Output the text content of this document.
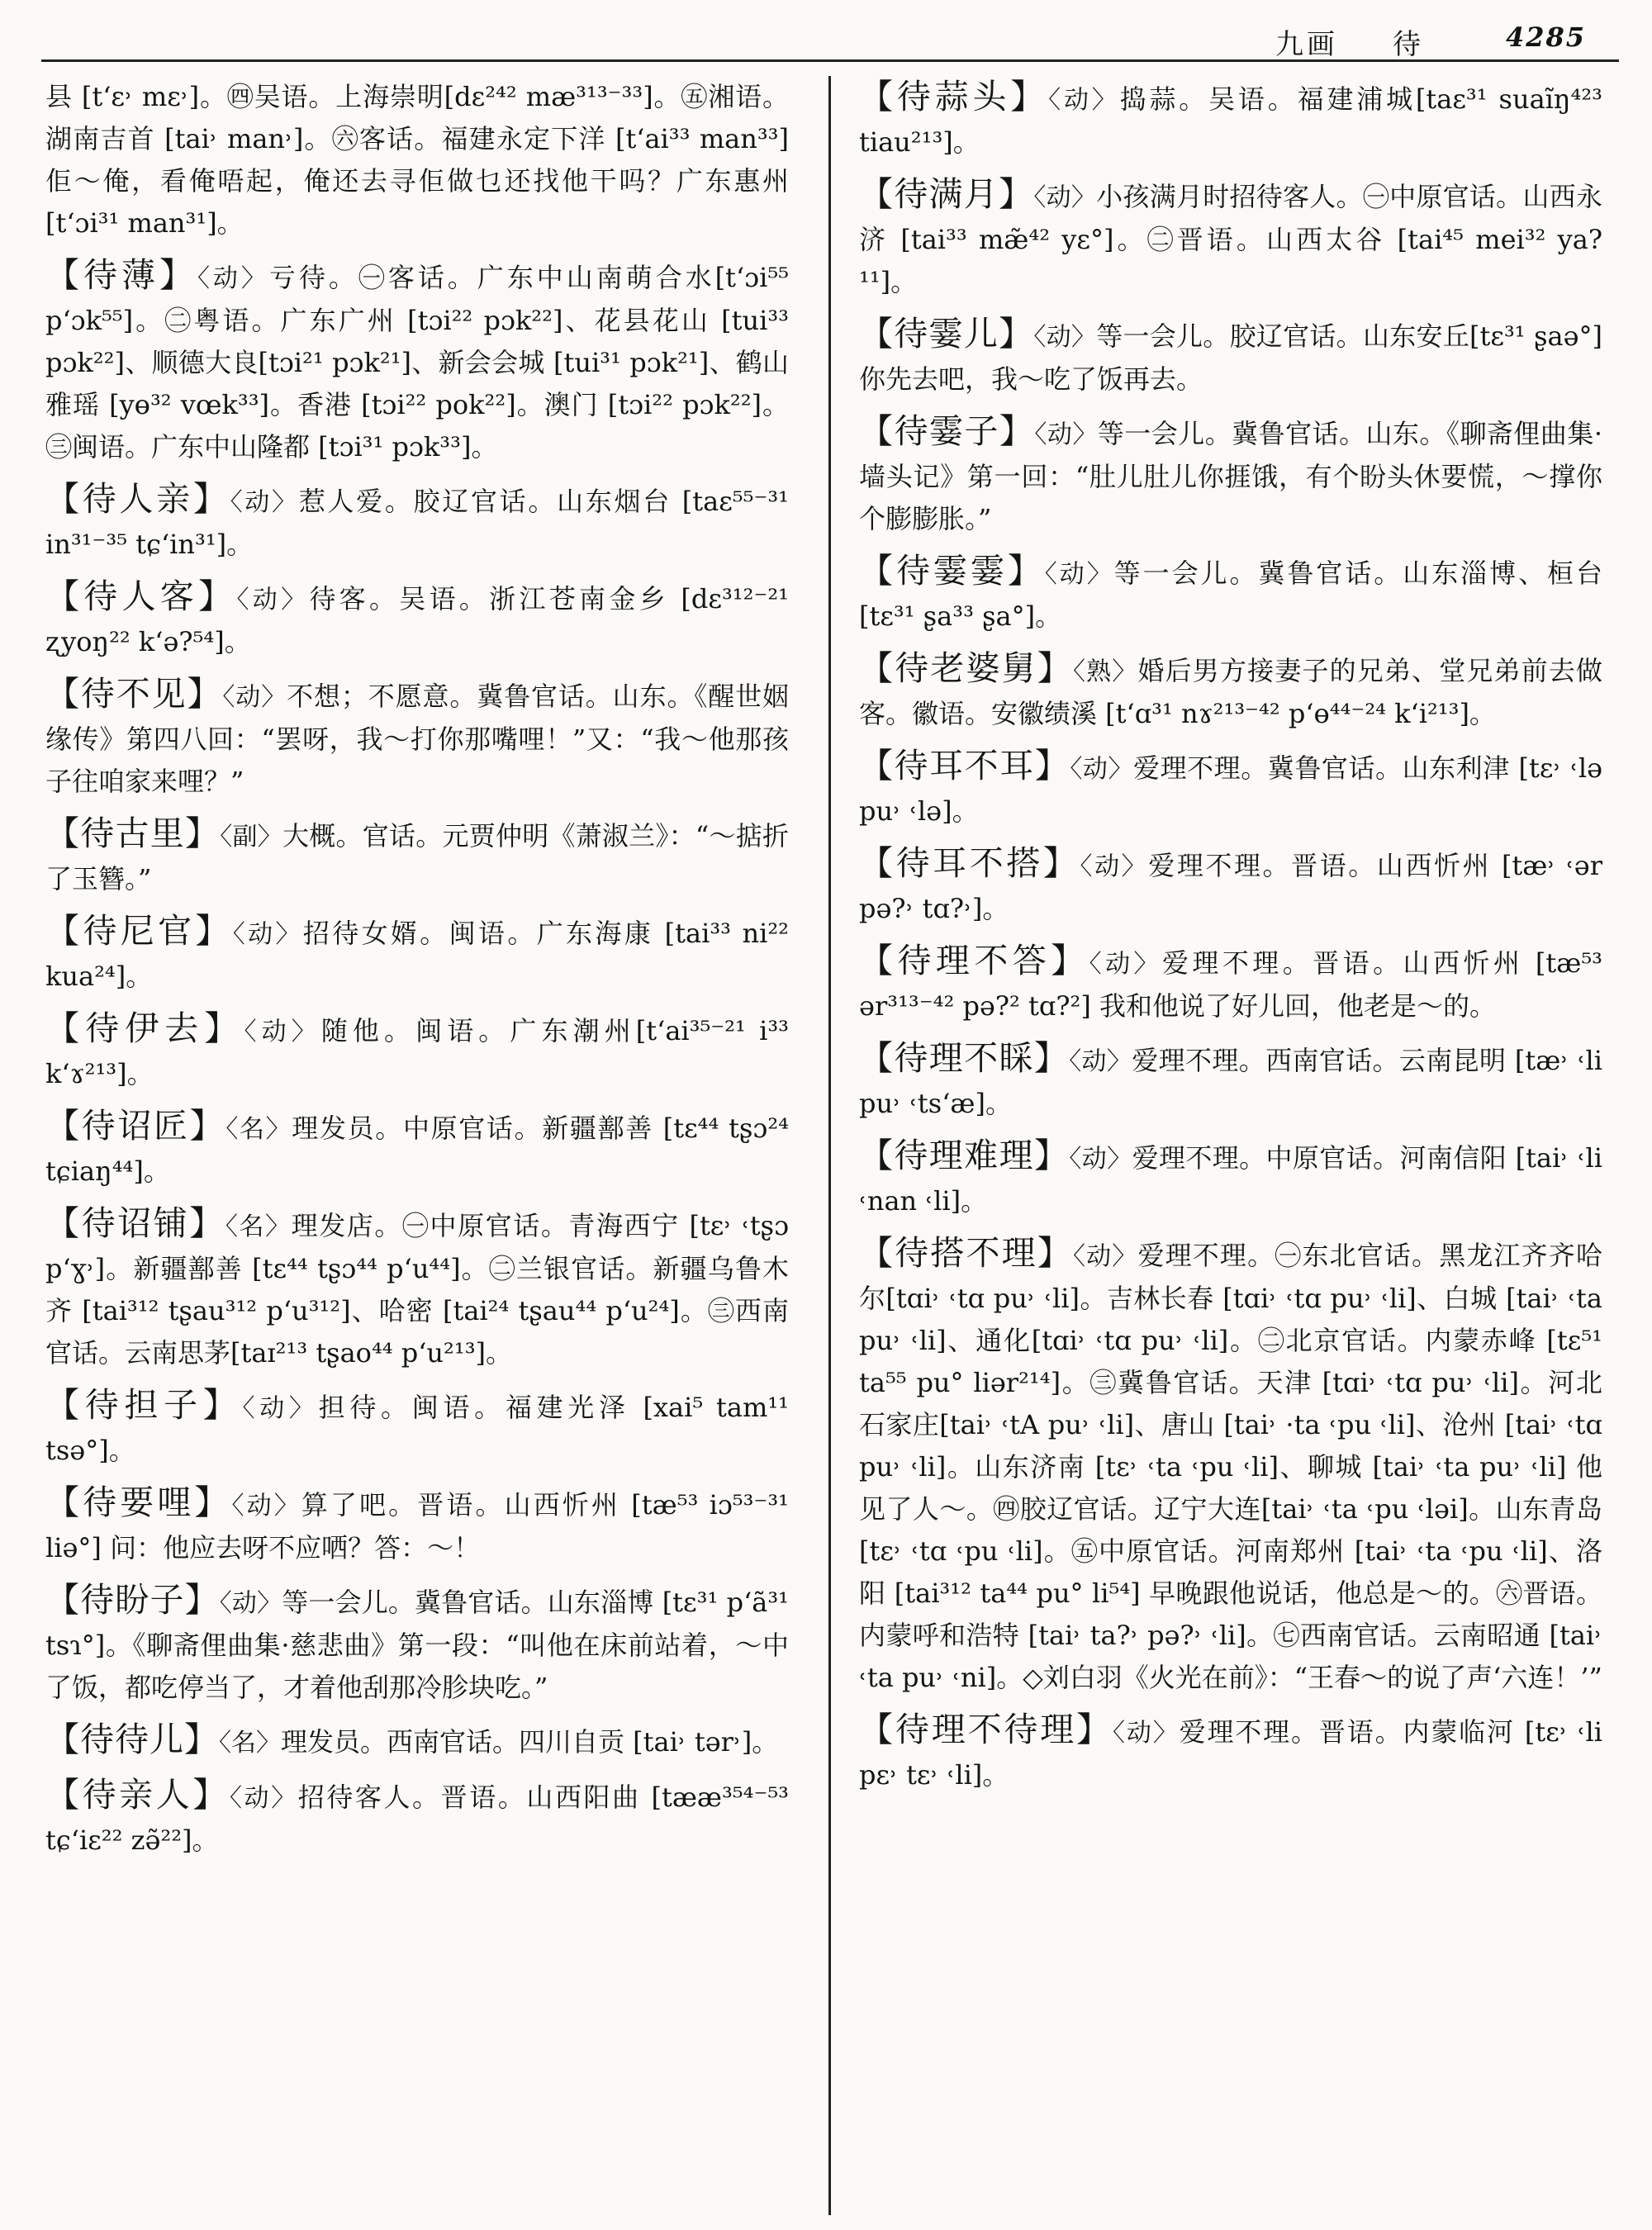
九画 待	4285

县 [t‘ε˒ mε˒]。㊃吴语。上海崇明[dε²⁴² mæ³¹³⁻³³]。㊄湘语。湖南吉首 [tai˒ man˒]。㊅客话。福建永定下洋 [t‘ai³³ man³³] 佢～俺，看俺唔起，俺还去寻佢做乜还找他干吗？广东惠州 [t‘ɔi³¹ man³¹]。

【待薄】〈动〉亏待。㊀客话。广东中山南萌合水[t‘ɔi⁵⁵ p‘ɔk⁵⁵]。㊁粤语。广东广州 [tɔi²² pɔk²²]、花县花山 [tui³³ pɔk²²]、顺德大良[tɔi²¹ pɔk²¹]、新会会城 [tui³¹ pɔk²¹]、鹤山雅瑶 [yɵ³² vœk³³]。香港 [tɔi²² pok²²]。澳门 [tɔi²² pɔk²²]。㊂闽语。广东中山隆都 [tɔi³¹ pɔk³³]。

【待人亲】〈动〉惹人爱。胶辽官话。山东烟台 [taε⁵⁵⁻³¹ in³¹⁻³⁵ tɕ‘in³¹]。

【待人客】〈动〉待客。吴语。浙江苍南金乡 [dε³¹²⁻²¹ ʐyoŋ²² k‘ə?⁵⁴]。

【待不见】〈动〉不想；不愿意。冀鲁官话。山东。《醒世姻缘传》第四八回：“罢呀，我～打你那嘴哩！”又：“我～他那孩子往咱家来哩？”

【待古里】〈副〉大概。官话。元贾仲明《萧淑兰》：“～掂折了玉簪。”

【待尼官】〈动〉招待女婿。闽语。广东海康 [tai³³ ni²² kua²⁴]。

【待伊去】〈动〉随他。闽语。广东潮州[t‘ai³⁵⁻²¹ i³³ k‘ɤ²¹³]。

【待诏匠】〈名〉理发员。中原官话。新疆鄯善 [tε⁴⁴ tʂɔ²⁴ tɕiaŋ⁴⁴]。

【待诏铺】〈名〉理发店。㊀中原官话。青海西宁 [tε˒ ˓tʂɔ p‘ɣ˒]。新疆鄯善 [tε⁴⁴ tʂɔ⁴⁴ p‘u⁴⁴]。㊁兰银官话。新疆乌鲁木齐 [tai³¹² tʂau³¹² p‘u³¹²]、哈密 [tai²⁴ tʂau⁴⁴ p‘u²⁴]。㊂西南官话。云南思茅[taɪ²¹³ tʂao⁴⁴ p‘u²¹³]。

【待担子】〈动〉担待。闽语。福建光泽 [xai⁵ tam¹¹ tsə°]。

【待要哩】〈动〉算了吧。晋语。山西忻州 [tæ⁵³ iɔ⁵³⁻³¹ liə°] 问：他应去呀不应哂？答：～！

【待盼子】〈动〉等一会儿。冀鲁官话。山东淄博 [tε³¹ p‘ã³¹ tsɿ°]。《聊斋俚曲集·慈悲曲》第一段：“叫他在床前站着，～中了饭，都吃停当了，才着他刮那冷胗块吃。”

【待待儿】〈名〉理发员。西南官话。四川自贡 [tai˒ tər˒]。

【待亲人】〈动〉招待客人。晋语。山西阳曲 [tææ³⁵⁴⁻⁵³ tɕ‘iε²² zə̃²²]。

【待蒜头】〈动〉捣蒜。吴语。福建浦城[taε³¹ suaĩŋ⁴²³ tiau²¹³]。

【待满月】〈动〉小孩满月时招待客人。㊀中原官话。山西永济 [tai³³ mæ̃⁴² yε°]。㊁晋语。山西太谷 [tai⁴⁵ mei³² ya?¹¹]。

【待霎儿】〈动〉等一会儿。胶辽官话。山东安丘[tε³¹ ʂaə°] 你先去吧，我～吃了饭再去。

【待霎子】〈动〉等一会儿。冀鲁官话。山东。《聊斋俚曲集·墙头记》第一回：“肚儿肚儿你捱饿，有个盼头休要慌，～撑你个膨膨胀。”

【待霎霎】〈动〉等一会儿。冀鲁官话。山东淄博、桓台 [tε³¹ ʂa³³ ʂa°]。

【待老婆舅】〈熟〉婚后男方接妻子的兄弟、堂兄弟前去做客。徽语。安徽绩溪 [t‘ɑ³¹ nɤ²¹³⁻⁴² p‘ɵ⁴⁴⁻²⁴ k‘i²¹³]。

【待耳不耳】〈动〉爱理不理。冀鲁官话。山东利津 [tε˒ ˓lə pu˒ ˓lə]。

【待耳不搭】〈动〉爱理不理。晋语。山西忻州 [tæ˒ ˓ər pə?˒ tɑ?˒]。

【待理不答】〈动〉爱理不理。晋语。山西忻州 [tæ⁵³ ər³¹³⁻⁴² pə?² tɑ?²] 我和他说了好儿回，他老是～的。

【待理不睬】〈动〉爱理不理。西南官话。云南昆明 [tæ˒ ˓li pu˒ ˓ts‘æ]。

【待理难理】〈动〉爱理不理。中原官话。河南信阳 [tai˒ ˓li ˓nan ˓li]。

【待搭不理】〈动〉爱理不理。㊀东北官话。黑龙江齐齐哈尔[tɑi˒ ˓tɑ pu˒ ˓li]。吉林长春 [tɑi˒ ˓tɑ pu˒ ˓li]、白城 [tai˒ ˓ta pu˒ ˓li]、通化[tɑi˒ ˓tɑ pu˒ ˓li]。㊁北京官话。内蒙赤峰 [tε⁵¹ ta⁵⁵ pu° liər²¹⁴]。㊂冀鲁官话。天津 [tɑi˒ ˓tɑ pu˒ ˓li]。河北石家庄[tai˒ ˓tA pu˒ ˓li]、唐山 [tai˒ ·ta ˓pu ˓li]、沧州 [tai˒ ˓tɑ pu˒ ˓li]。山东济南 [tε˒ ˓ta ˓pu ˓li]、聊城 [tai˒ ˓ta pu˒ ˓li] 他见了人～。㊃胶辽官话。辽宁大连[tai˒ ˓ta ˓pu ˓ləi]。山东青岛 [tε˒ ˓tɑ ˓pu ˓li]。㊄中原官话。河南郑州 [tai˒ ˓ta ˓pu ˓li]、洛阳 [tai³¹² ta⁴⁴ pu° li⁵⁴] 早晚跟他说话，他总是～的。㊅晋语。内蒙呼和浩特 [tai˒ ta?˒ pə?˒ ˓li]。㊆西南官话。云南昭通 [tai˒ ˓ta pu˒ ˓ni]。◇刘白羽《火光在前》：“王春～的说了声‘六连！’”

【待理不待理】〈动〉爱理不理。晋语。内蒙临河 [tε˒ ˓li pε˒ tε˒ ˓li]。
